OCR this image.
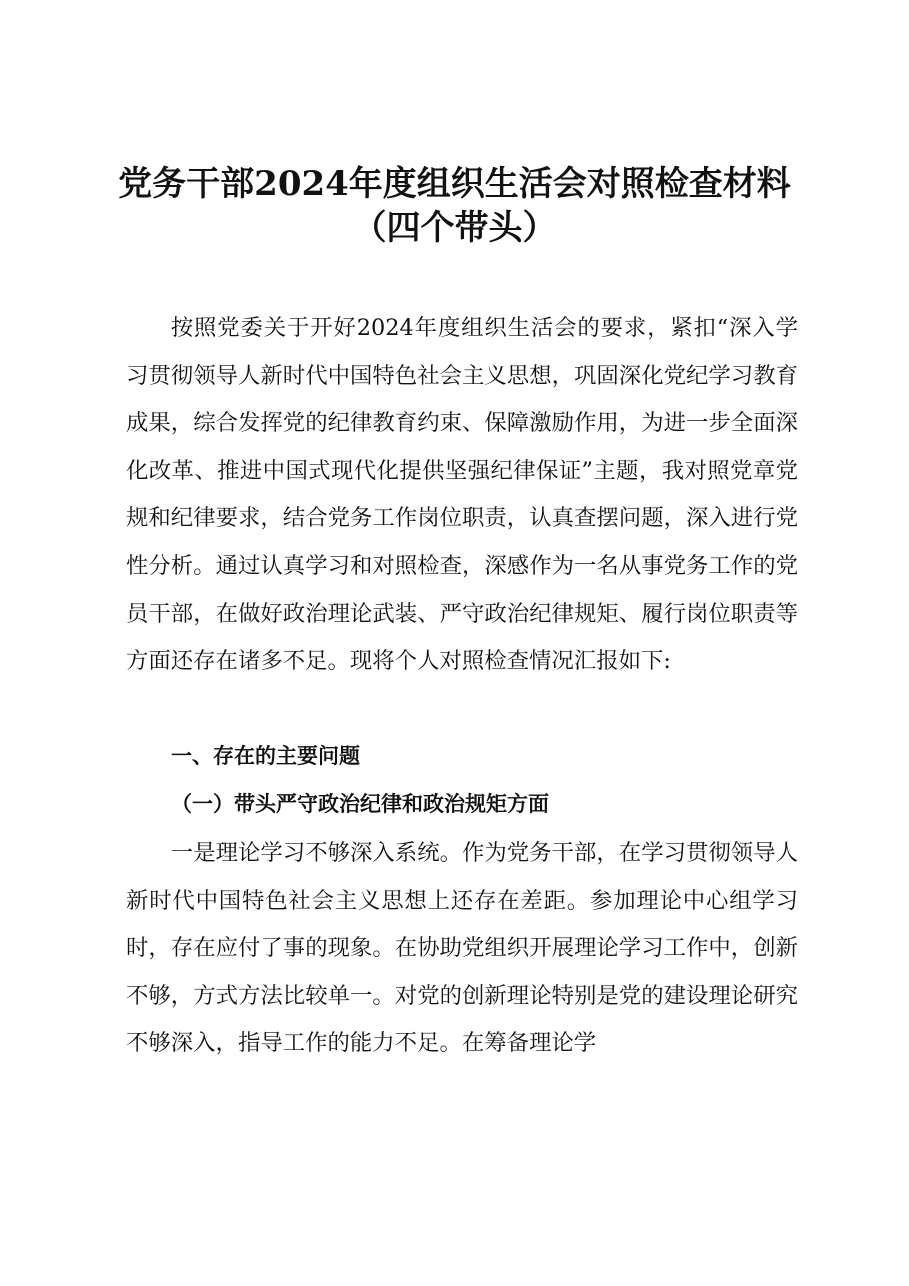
党务干部2024年度组织生活会对照检查材料
（四个带头）

按照党委关于开好2024年度组织生活会的要求，紧扣“深入学习贯彻领导人新时代中国特色社会主义思想，巩固深化党纪学习教育成果，综合发挥党的纪律教育约束、保障激励作用，为进一步全面深化改革、推进中国式现代化提供坚强纪律保证”主题，我对照党章党规和纪律要求，结合党务工作岗位职责，认真查摆问题，深入进行党性分析。通过认真学习和对照检查，深感作为一名从事党务工作的党员干部，在做好政治理论武装、严守政治纪律规矩、履行岗位职责等方面还存在诸多不足。现将个人对照检查情况汇报如下:

一、存在的主要问题
（一）带头严守政治纪律和政治规矩方面

一是理论学习不够深入系统。作为党务干部，在学习贯彻领导人新时代中国特色社会主义思想上还存在差距。参加理论中心组学习时，存在应付了事的现象。在协助党组织开展理论学习工作中，创新不够，方式方法比较单一。对党的创新理论特别是党的建设理论研究不够深入，指导工作的能力不足。在筹备理论学
